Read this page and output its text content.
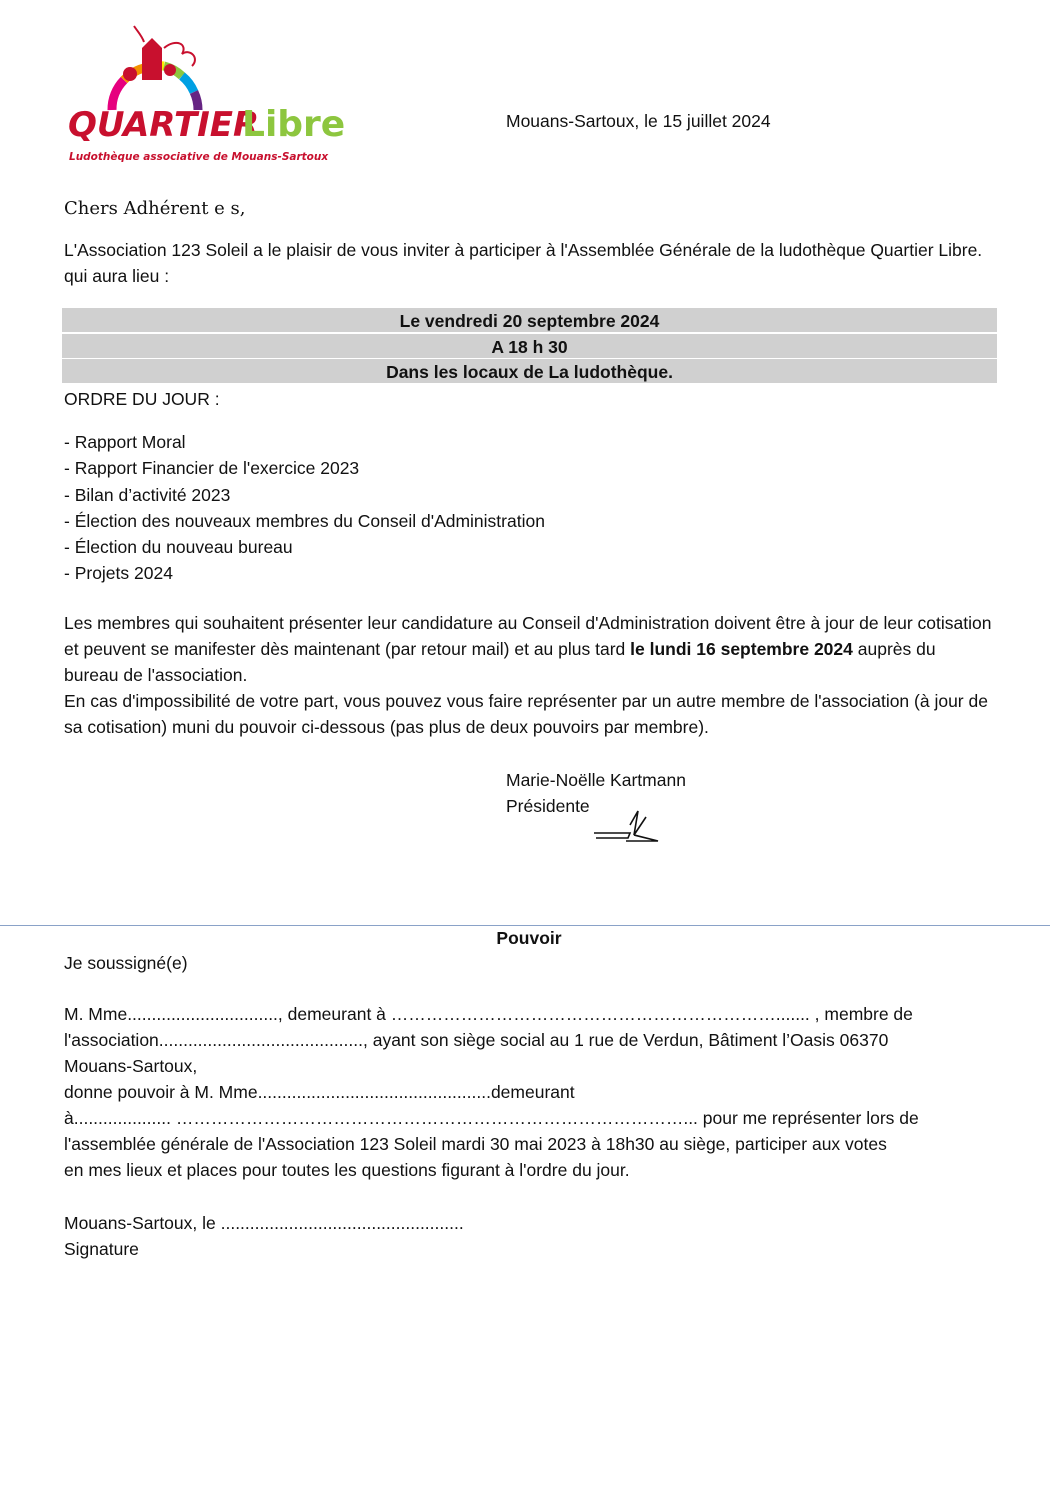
QUARTIER
Libre
Ludothèque associative de Mouans-Sartoux
Mouans-Sartoux, le 15 juillet 2024
Chers Adhérent e s,
L'Association 123 Soleil a le plaisir de vous inviter à participer à l'Assemblée Générale de la ludothèque Quartier Libre. qui aura lieu :
Le vendredi 20 septembre 2024
A 18 h 30
Dans les locaux de La ludothèque.
ORDRE DU JOUR :
- Rapport Moral
- Rapport Financier de l'exercice 2023
- Bilan d’activité 2023
- Élection des nouveaux membres du Conseil d'Administration
- Élection du nouveau bureau
- Projets 2024
Les membres qui souhaitent présenter leur candidature au Conseil d'Administration doivent être à jour de leur cotisation et peuvent se manifester dès maintenant (par retour mail) et au plus tard le lundi 16 septembre 2024 auprès du bureau de l'association.
En cas d'impossibilité de votre part, vous pouvez vous faire représenter par un autre membre de l'association (à jour de sa cotisation) muni du pouvoir ci-dessous (pas plus de deux pouvoirs par membre).
Marie-Noëlle Kartmann
Présidente
Pouvoir
Je soussigné(e)
M. Mme..............................., demeurant à …………………………………………………………....... , membre de
l'association.........................................., ayant son siège social au 1 rue de Verdun, Bâtiment l’Oasis 06370
Mouans-Sartoux,
donne pouvoir à M. Mme................................................demeurant
à.................... ……………………………………………………………………………... pour me représenter lors de
l'assemblée générale de l'Association 123 Soleil mardi 30 mai 2023 à 18h30 au siège, participer aux votes
en mes lieux et places pour toutes les questions figurant à l'ordre du jour.
Mouans-Sartoux, le ..................................................
Signature
